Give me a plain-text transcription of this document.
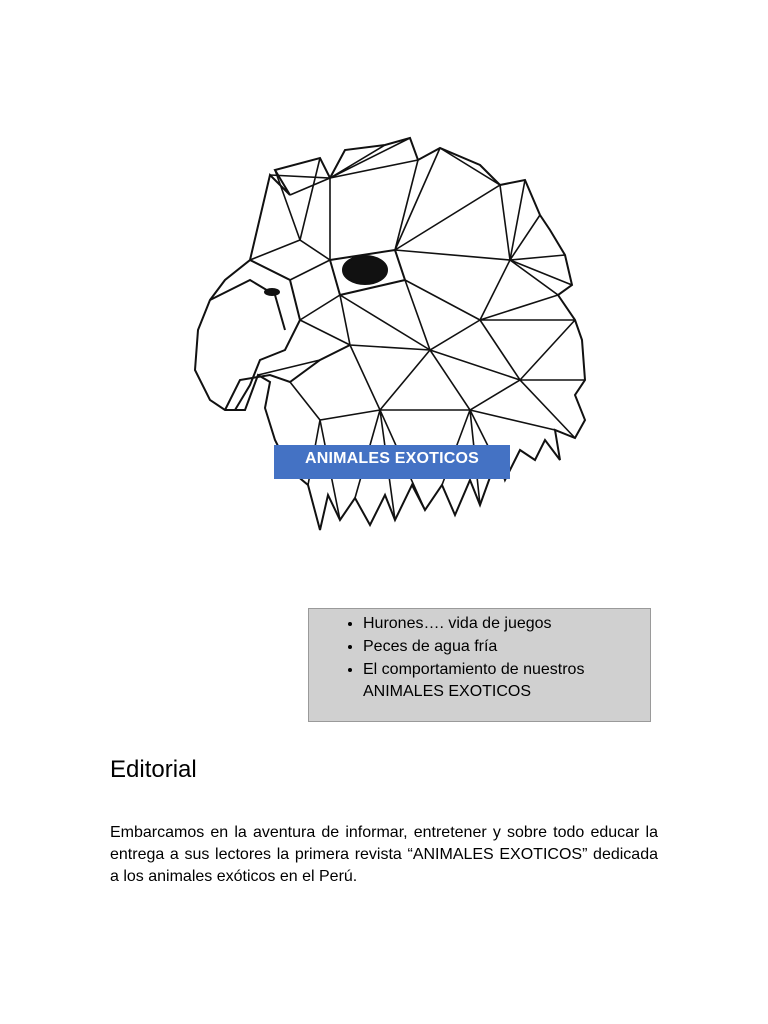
ANIMALES EXOTICOS
• Hurones…. vida de juegos
• Peces de agua fría
• El comportamiento de nuestros ANIMALES EXOTICOS
Editorial

Embarcamos en la aventura de informar, entretener y sobre todo educar la entrega a sus lectores la primera revista “ANIMALES EXOTICOS” dedicada a los animales exóticos en el Perú.
